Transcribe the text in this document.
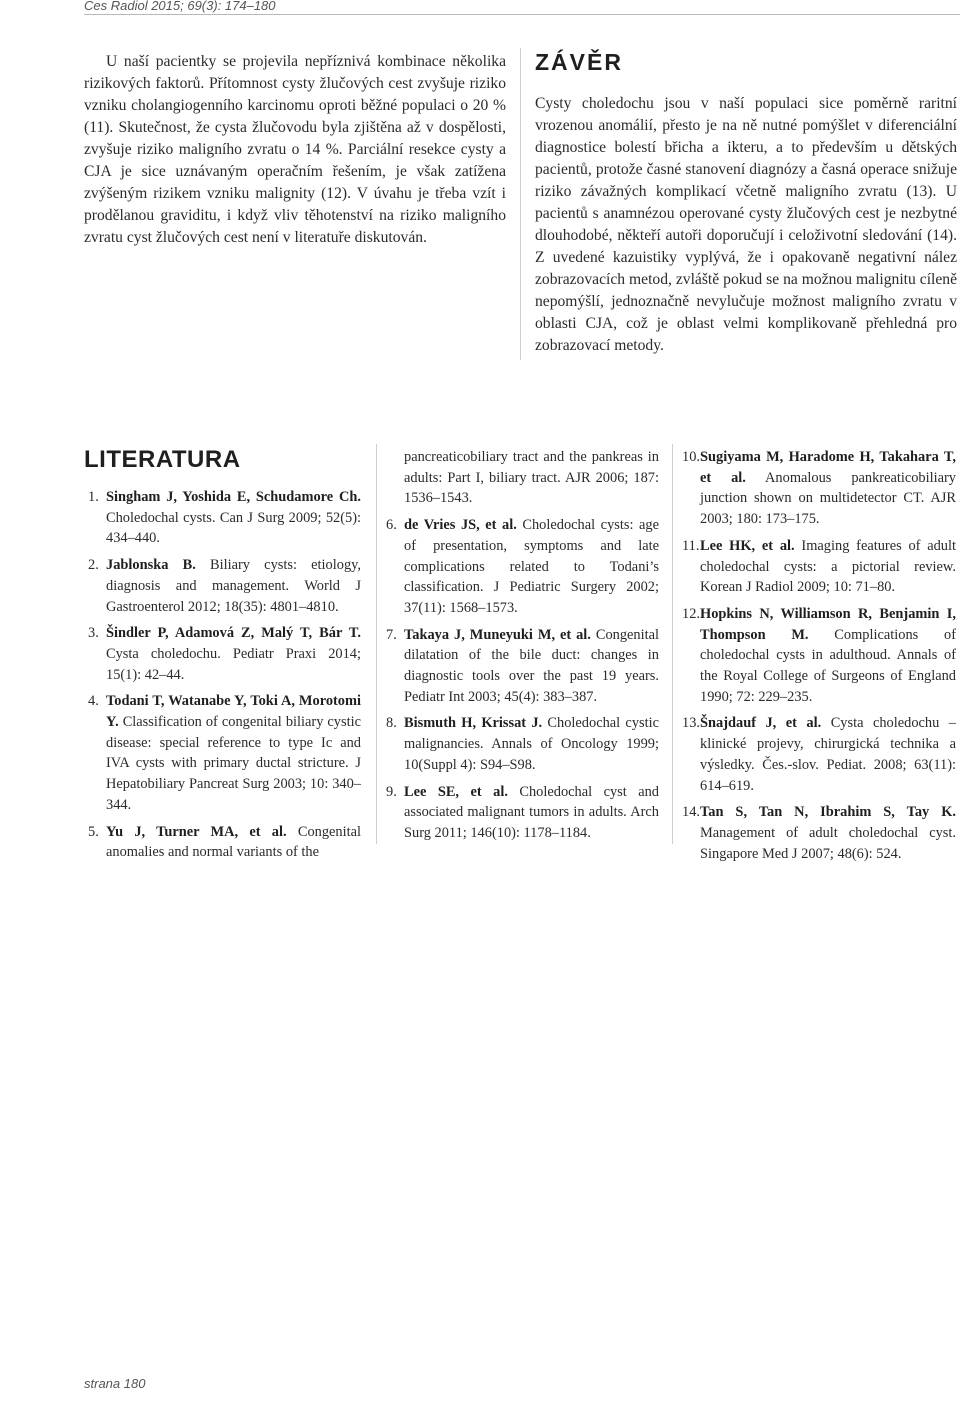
Ces Radiol 2015; 69(3): 174–180

U naší pacientky se projevila nepříznivá kombinace několika rizikových faktorů. Přítomnost cysty žlučových cest zvyšuje riziko vzniku cholangiogenního karcinomu oproti běžné populaci o 20 % (11). Skutečnost, že cysta žlučovodu byla zjištěna až v dospělosti, zvyšuje riziko maligního zvratu o 14 %. Parciální resekce cysty a CJA je sice uznávaným operačním řešením, je však zatížena zvýšeným rizikem vzniku malignity (12). V úvahu je třeba vzít i prodělanou graviditu, i když vliv těhotenství na riziko maligního zvratu cyst žlučových cest není v literatuře diskutován.

ZÁVĚR

Cysty choledochu jsou v naší populaci sice poměrně raritní vrozenou anomálií, přesto je na ně nutné pomýšlet v diferenciální diagnostice bolestí břicha a ikteru, a to především u dětských pacientů, protože časné stanovení diagnózy a časná operace snižuje riziko závažných komplikací včetně maligního zvratu (13). U pacientů s anamnézou operované cysty žlučových cest je nezbytné dlouhodobé, někteří autoři doporučují i celoživotní sledování (14). Z uvedené kazuistiky vyplývá, že i opakovaně negativní nález zobrazovacích metod, zvláště pokud se na možnou malignitu cíleně nepomýšlí, jednoznačně nevylučuje možnost maligního zvratu v oblasti CJA, což je oblast velmi komplikovaně přehledná pro zobrazovací metody.

LITERATURA
1. Singham J, Yoshida E, Schudamore Ch. Choledochal cysts. Can J Surg 2009; 52(5): 434–440.
2. Jablonska B. Biliary cysts: etiology, diagnosis and management. World J Gastroenterol 2012; 18(35): 4801–4810.
3. Šindler P, Adamová Z, Malý T, Bár T. Cysta choledochu. Pediatr Praxi 2014; 15(1): 42–44.
4. Todani T, Watanabe Y, Toki A, Morotomi Y. Classification of congenital biliary cystic disease: special reference to type Ic and IVA cysts with primary ductal stricture. J Hepatobiliary Pancreat Surg 2003; 10: 340–344.
5. Yu J, Turner MA, et al. Congenital anomalies and normal variants of the
pancreaticobiliary tract and the pankreas in adults: Part I, biliary tract. AJR 2006; 187: 1536–1543.
6. de Vries JS, et al. Choledochal cysts: age of presentation, symptoms and late complications related to Todani’s classification. J Pediatric Surgery 2002; 37(11): 1568–1573.
7. Takaya J, Muneyuki M, et al. Congenital dilatation of the bile duct: changes in diagnostic tools over the past 19 years. Pediatr Int 2003; 45(4): 383–387.
8. Bismuth H, Krissat J. Choledochal cystic malignancies. Annals of Oncology 1999; 10(Suppl 4): S94–S98.
9. Lee SE, et al. Choledochal cyst and associated malignant tumors in adults. Arch Surg 2011; 146(10): 1178–1184.
10.Sugiyama M, Haradome H, Takahara T, et al. Anomalous pankreaticobiliary junction shown on multidetector CT. AJR 2003; 180: 173–175.
11.Lee HK, et al. Imaging features of adult choledochal cysts: a pictorial review. Korean J Radiol 2009; 10: 71–80.
12.Hopkins N, Williamson R, Benjamin I, Thompson M. Complications of choledochal cysts in adulthoud. Annals of the Royal College of Surgeons of England 1990; 72: 229–235.
13.Šnajdauf J, et al. Cysta choledochu – klinické projevy, chirurgická technika a výsledky. Čes.-slov. Pediat. 2008; 63(11): 614–619.
14.Tan S, Tan N, Ibrahim S, Tay K. Management of adult choledochal cyst. Singapore Med J 2007; 48(6): 524.
strana 180
